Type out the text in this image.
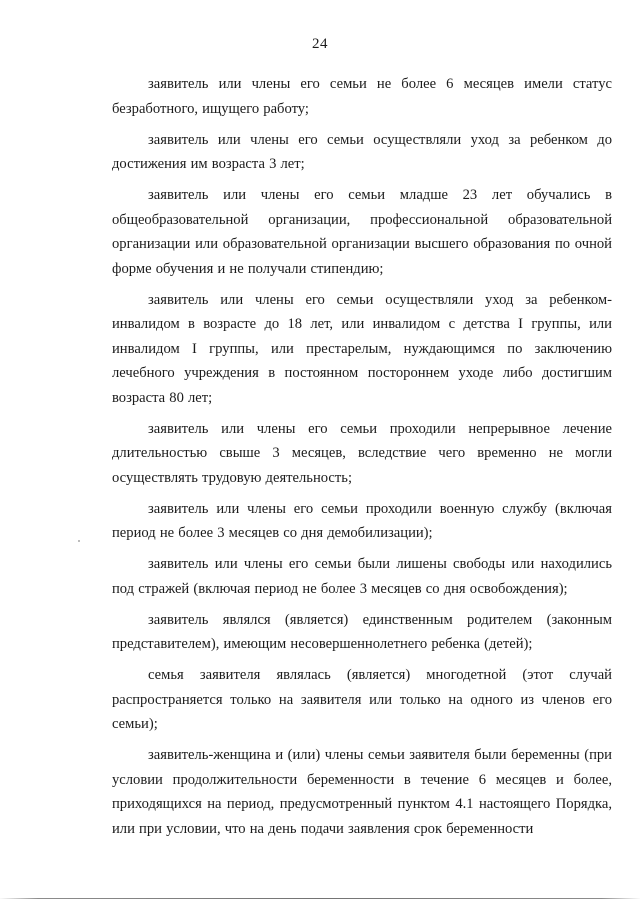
24

заявитель или члены его семьи не более 6 месяцев имели статус безработного, ищущего работу;

заявитель или члены его семьи осуществляли уход за ребенком до достижения им возраста 3 лет;

заявитель или члены его семьи младше 23 лет обучались в общеобразовательной организации, профессиональной образовательной организации или образовательной организации высшего образования по очной форме обучения и не получали стипендию;

заявитель или члены его семьи осуществляли уход за ребенком-инвалидом в возрасте до 18 лет, или инвалидом с детства I группы, или инвалидом I группы, или престарелым, нуждающимся по заключению лечебного учреждения в постоянном постороннем уходе либо достигшим возраста 80 лет;

заявитель или члены его семьи проходили непрерывное лечение длительностью свыше 3 месяцев, вследствие чего временно не могли осуществлять трудовую деятельность;

заявитель или члены его семьи проходили военную службу (включая период не более 3 месяцев со дня демобилизации);

заявитель или члены его семьи были лишены свободы или находились под стражей (включая период не более 3 месяцев со дня освобождения);

заявитель являлся (является) единственным родителем (законным представителем), имеющим несовершеннолетнего ребенка (детей);

семья заявителя являлась (является) многодетной (этот случай распространяется только на заявителя или только на одного из членов его семьи);

заявитель-женщина и (или) члены семьи заявителя были беременны (при условии продолжительности беременности в течение 6 месяцев и более, приходящихся на период, предусмотренный пунктом 4.1 настоящего Порядка, или при условии, что на день подачи заявления срок беременности
